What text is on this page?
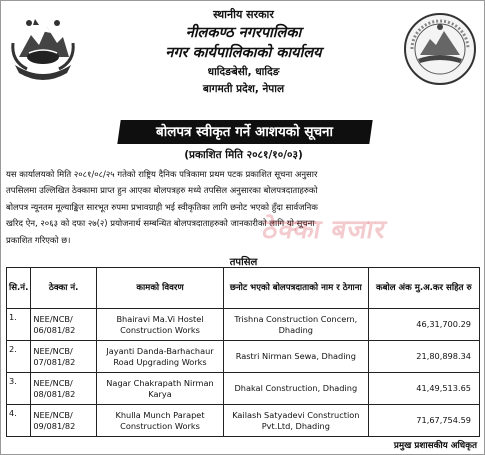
स्थानीय सरकार
नीलकण्ठ नगरपालिका
नगर कार्यपालिकाको कार्यालय
धादिङबेसी, धादिङ
बागमती प्रदेश, नेपाल
बोलपत्र स्वीकृत गर्ने आशयको सूचना
(प्रकाशित मिति २०८१/१०/०३)
यस कार्यालयको मिति २०८१/०८/२५ गतेको राष्ट्रिय दैनिक पत्रिकामा प्रथम पटक प्रकाशित सूचना अनुसार
तपसिलमा उल्लिखित ठेक्कामा प्राप्त हुन आएका बोलपत्रहरु मध्ये तपसिल अनुसारका बोलपत्रदाताहरुको
बोलपत्र न्यूनतम मूल्याङ्कित सारभूत रुपमा प्रभावग्राही भई स्वीकृतिका लागि छनोट भएको हुँदा सार्वजनिक
खरिद ऐन, २०६३ को दफा २७(२) प्रयोजनार्थ सम्बन्धित बोलपत्रदाताहरुको जानकारीको लागि यो सूचना
प्रकाशित गरिएको छ।	ठेक्का बजार
तपसिल
सि.नं.	ठेक्का नं.	कामको विवरण	छनोट भएको बोलपत्रदाताको नाम र ठेगाना	कबोल अंक मु.अ.कर सहित रु
1.	NEE/NCB/ 06/081/82	Bhairavi Ma.Vi Hostel Construction Works	Trishna Construction Concern, Dhading	46,31,700.29
2.	NEE/NCB/ 07/081/82	Jayanti Danda-Barhachaur Road Upgrading Works	Rastri Nirman Sewa, Dhading	21,80,898.34
3.	NEE/NCB/ 08/081/82	Nagar Chakrapath Nirman Karya	Dhakal Construction, Dhading	41,49,513.65
4.	NEE/NCB/ 09/081/82	Khulla Munch Parapet Construction Works	Kailash Satyadevi Construction Pvt.Ltd, Dhading	71,67,754.59
प्रमुख प्रशासकीय अधिकृत
